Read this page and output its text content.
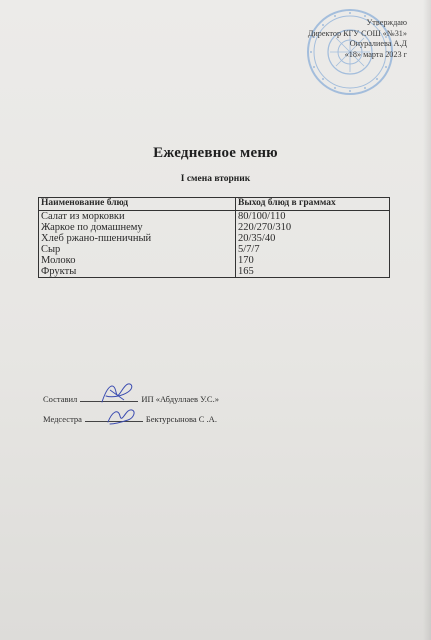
Утверждаю
Директор КГУ СОШ «№31»
Онуралиева А.Д
«18» марта 2023 г
Ежедневное меню
I смена вторник
Наименование блюд	Выход блюд в граммах
Салат из морковки	80/100/110
Жаркое по домашнему	220/270/310
Хлеб ржано-пшеничный	20/35/40
Сыр	5/7/7
Молоко	170
Фрукты	165
Составил	ИП «Абдуллаев У.С.»
Медсестра	Бектурсынова С .А.
